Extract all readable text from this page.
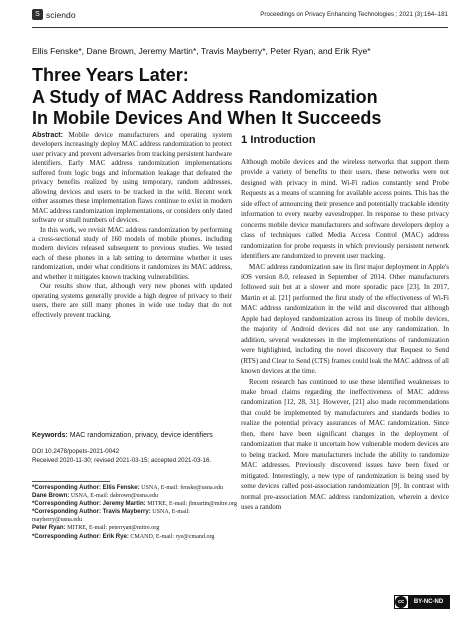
S sciendo	Proceedings on Privacy Enhancing Technologies ; 2021 (3):164–181
Ellis Fenske*, Dane Brown, Jeremy Martin*, Travis Mayberry*, Peter Ryan, and Erik Rye*
Three Years Later:
A Study of MAC Address Randomization
In Mobile Devices And When It Succeeds

Abstract: Mobile device manufacturers and operating system developers increasingly deploy MAC address randomization to protect user privacy and prevent adversaries from tracking persistent hardware identifiers. Early MAC address randomization implementations suffered from logic bugs and information leakage that defeated the privacy benefits realized by using temporary, random addresses, allowing devices and users to be tracked in the wild. Recent work either assumes these implementation flaws continue to exist in modern MAC address randomization implementations, or considers only dated software or small numbers of devices.

In this work, we revisit MAC address randomization by performing a cross-sectional study of 160 models of mobile phones, including modern devices released subsequent to previous studies. We tested each of these phones in a lab setting to determine whether it uses randomization, under what conditions it randomizes its MAC address, and whether it mitigates known tracking vulnerabilities.

Our results show that, although very new phones with updated operating systems generally provide a high degree of privacy to their users, there are still many phones in wide use today that do not effectively prevent tracking.

Keywords: MAC randomization, privacy, device identifiers
DOI 10.2478/popets-2021-0042
Received 2020-11-30; revised 2021-03-15; accepted 2021-03-16.

*Corresponding Author: Ellis Fenske: USNA, E-mail: fenske@usna.edu

Dane Brown: USNA, E-mail: dabrown@usna.edu

*Corresponding Author: Jeremy Martin: MITRE, E-mail: jbmartin@mitre.org

*Corresponding Author: Travis Mayberry: USNA, E-mail: mayberry@usna.edu

Peter Ryan: MITRE, E-mail: peterryan@mitre.org

*Corresponding Author: Erik Rye: CMAND, E-mail: rye@cmand.org

1 Introduction

Although mobile devices and the wireless networks that support them provide a variety of benefits to their users, these networks were not designed with privacy in mind. Wi-Fi radios constantly send Probe Requests as a means of scanning for available access points. This has the side effect of announcing their presence and potentially trackable identity information to every nearby eavesdropper. In response to these privacy concerns mobile device manufacturers and software developers deploy a class of techniques called Media Access Control (MAC) address randomization for probe requests in which previously persistent network identifiers are randomized to prevent user tracking.

MAC address randomization saw its first major deployment in Apple's iOS version 8.0, released in September of 2014. Other manufacturers followed suit but at a slower and more sporadic pace [23]. In 2017, Martin et al. [21] performed the first study of the effectiveness of Wi-Fi MAC address randomization in the wild and discovered that although Apple had deployed randomization across its lineup of mobile devices, the majority of Android devices did not use any randomization. In addition, several weaknesses in the implementations of randomization were highlighted, including the novel discovery that Request to Send (RTS) and Clear to Send (CTS) frames could leak the MAC address of all known devices at the time.

Recent research has continued to use these identified weaknesses to make broad claims regarding the ineffectiveness of MAC address randomization [12, 28, 31]. However, [21] also made recommendations that could be implemented by manufacturers and standards bodies to realize the potential privacy assurances of MAC randomization. Since then, there have been significant changes in the deployment of randomization that make it uncertain how vulnerable modern devices are to being tracked. More manufacturers include the ability to randomize MAC addresses. Previously discovered issues have been fixed or mitigated. Interestingly, a new type of randomization is being used by some devices called post-association randomization [9]. In contrast with normal pre-association MAC address randomization, wherein a device uses a random

cc	BY-NC-ND
